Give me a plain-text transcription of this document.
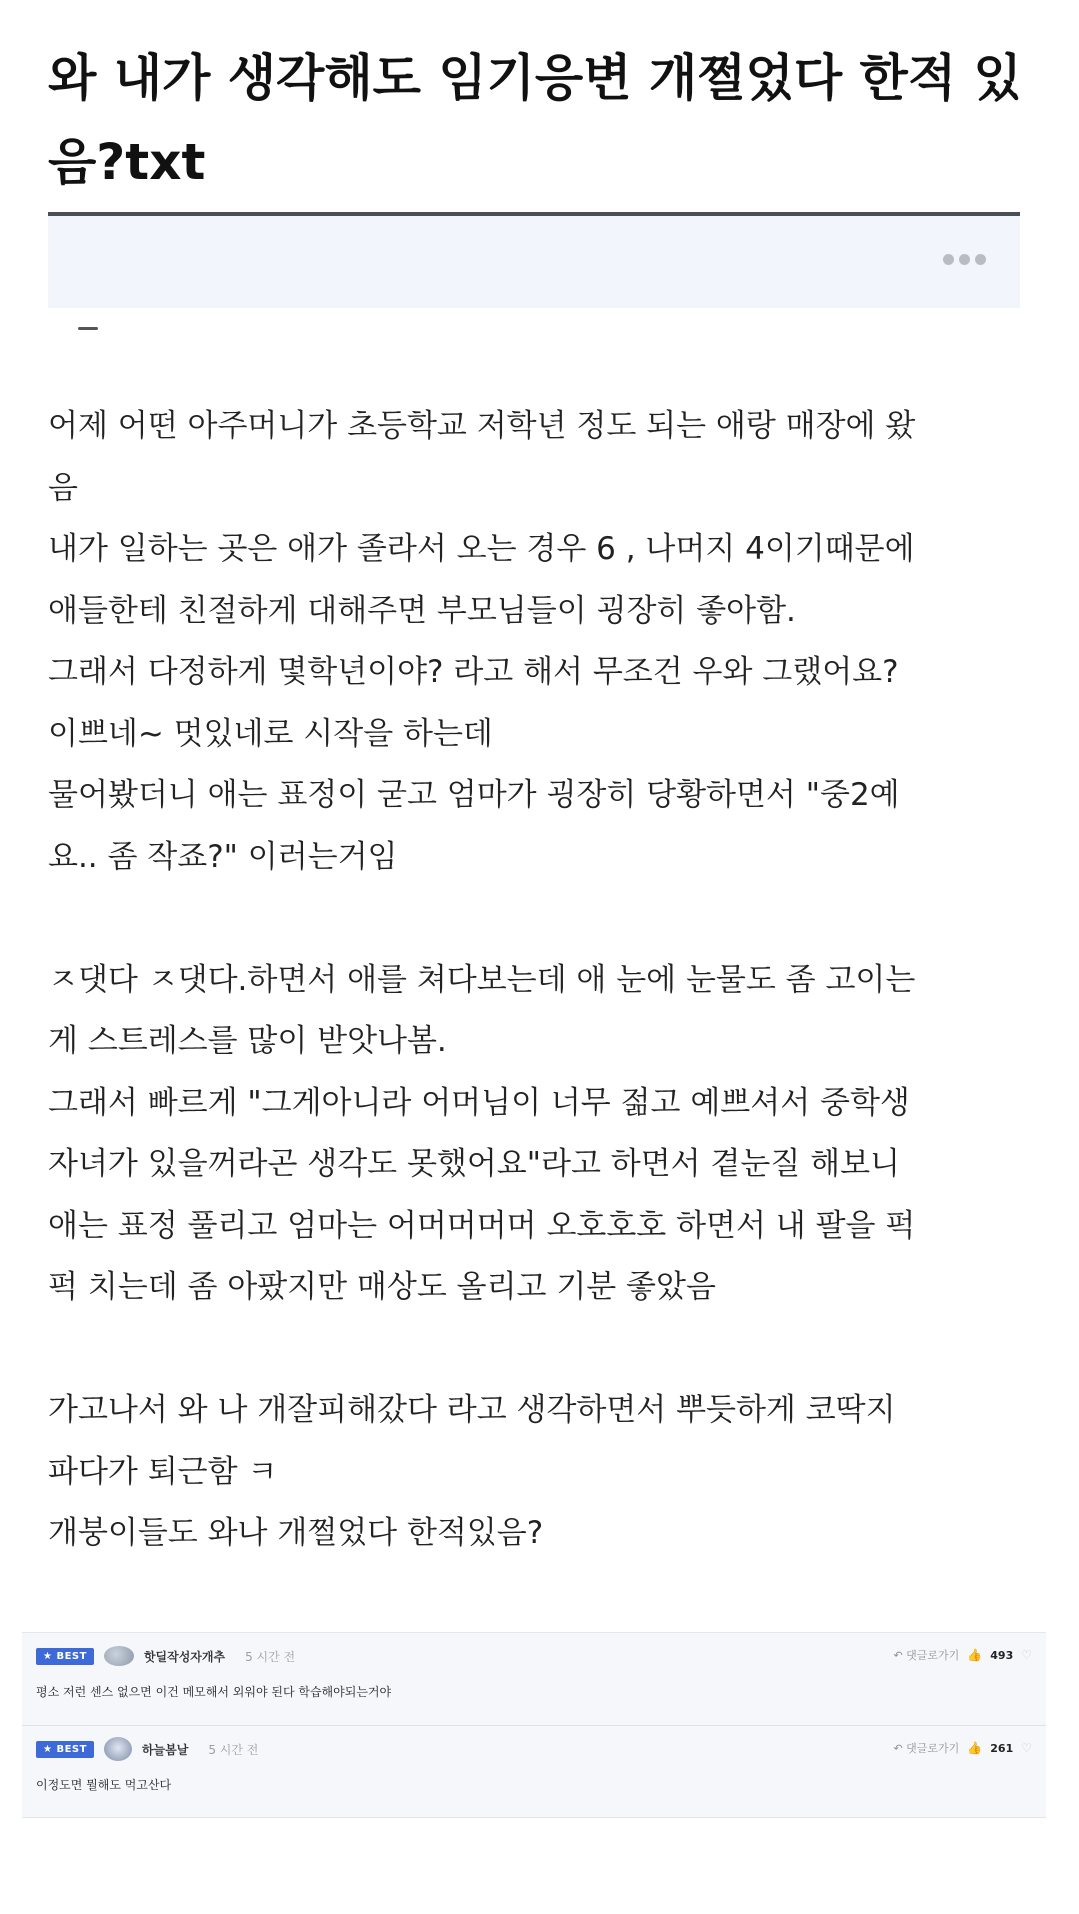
와 내가 생각해도 임기응변 개쩔었다 한적 있음?txt

어제 어떤 아주머니가 초등학교 저학년 정도 되는 애랑 매장에 왔
음
내가 일하는 곳은 애가 졸라서 오는 경우 6 , 나머지 4이기때문에
애들한테 친절하게 대해주면 부모님들이 굉장히 좋아함.
그래서 다정하게 몇학년이야? 라고 해서 무조건 우와 그랬어요?
이쁘네~ 멋있네로 시작을 하는데
물어봤더니 애는 표정이 굳고 엄마가 굉장히 당황하면서 "중2예
요.. 좀 작죠?" 이러는거임

ㅈ댓다 ㅈ댓다.하면서 애를 쳐다보는데 애 눈에 눈물도 좀 고이는
게 스트레스를 많이 받앗나봄.
그래서 빠르게 "그게아니라 어머님이 너무 젊고 예쁘셔서 중학생
자녀가 있을꺼라곤 생각도 못했어요"라고 하면서 곁눈질 해보니
애는 표정 풀리고 엄마는 어머머머머 오호호호 하면서 내 팔을 퍽
퍽 치는데 좀 아팠지만 매상도 올리고 기분 좋았음

가고나서 와 나 개잘피해갔다 라고 생각하면서 뿌듯하게 코딱지
파다가 퇴근함 ㅋ
개붕이들도 와나 개쩔었다 한적있음?

★ BEST	핫딜작성자개추 5 시간 전	↶ 댓글로가기 👍 493 ♡
평소 저런 센스 없으면 이건 메모해서 외워야 된다 학습해야되는거야
★ BEST	하늘봄날 5 시간 전	↶ 댓글로가기 👍 261 ♡
이정도면 뭘해도 먹고산다
